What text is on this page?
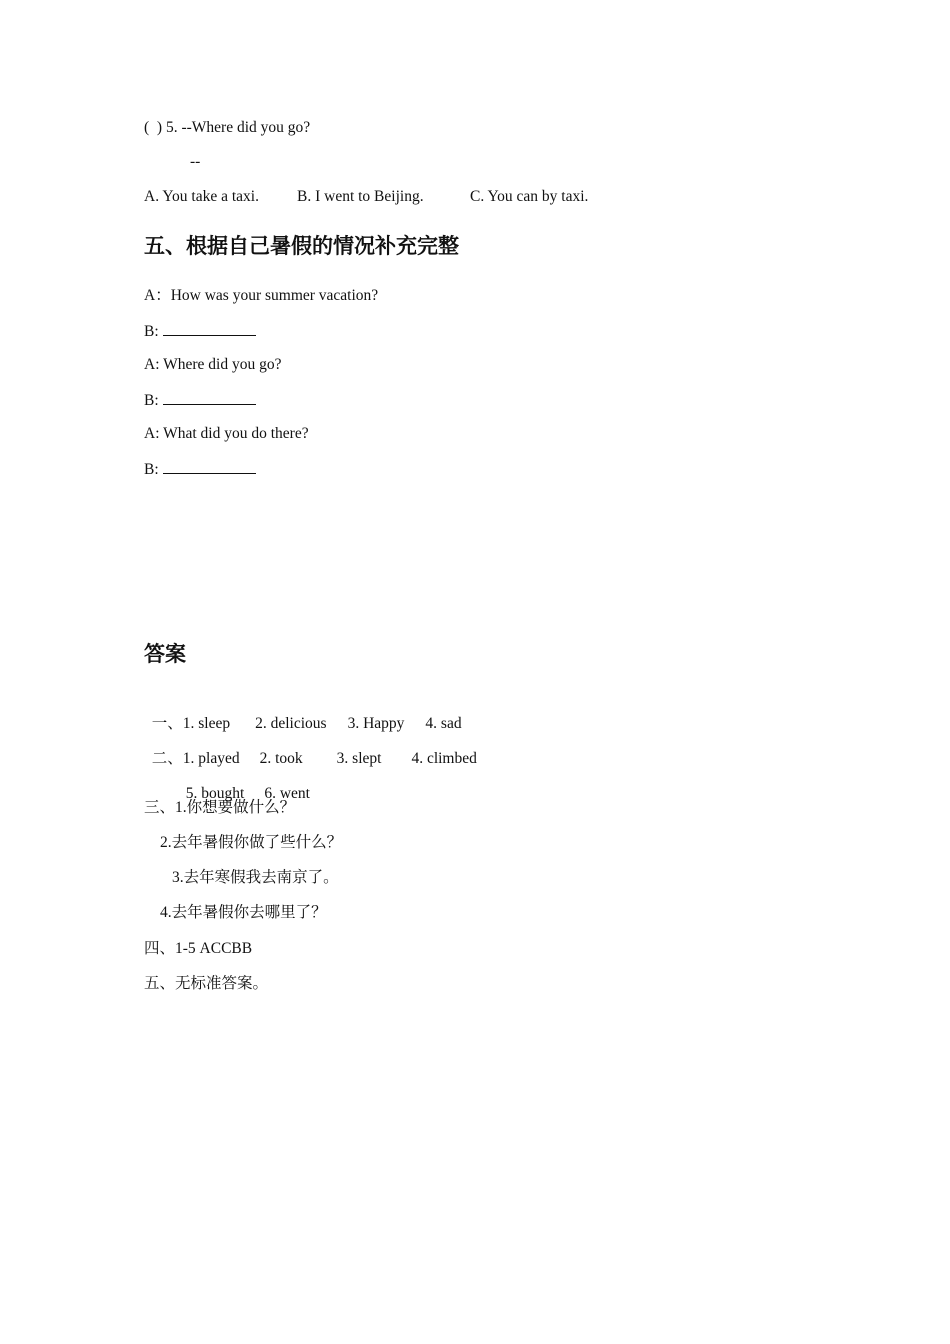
(  ) 5. --Where did you go?
--
A. You take a taxi. B. I went to Beijing.	C. You can by taxi.
五、根据自己暑假的情况补充完整
A：How was your summer vacation?
B:
A: Where did you go?
B:
A: What did you do there?
B:
答案

一、1. sleep 2. delicious 3. Happy 4. sad

二、1. played 2. took 3. slept 4. climbed

5. bought 6. went

三、1.你想要做什么？
2.去年暑假你做了些什么？
3.去年寒假我去南京了。
4.去年暑假你去哪里了？
四、1-5 ACCBB
五、无标准答案。
